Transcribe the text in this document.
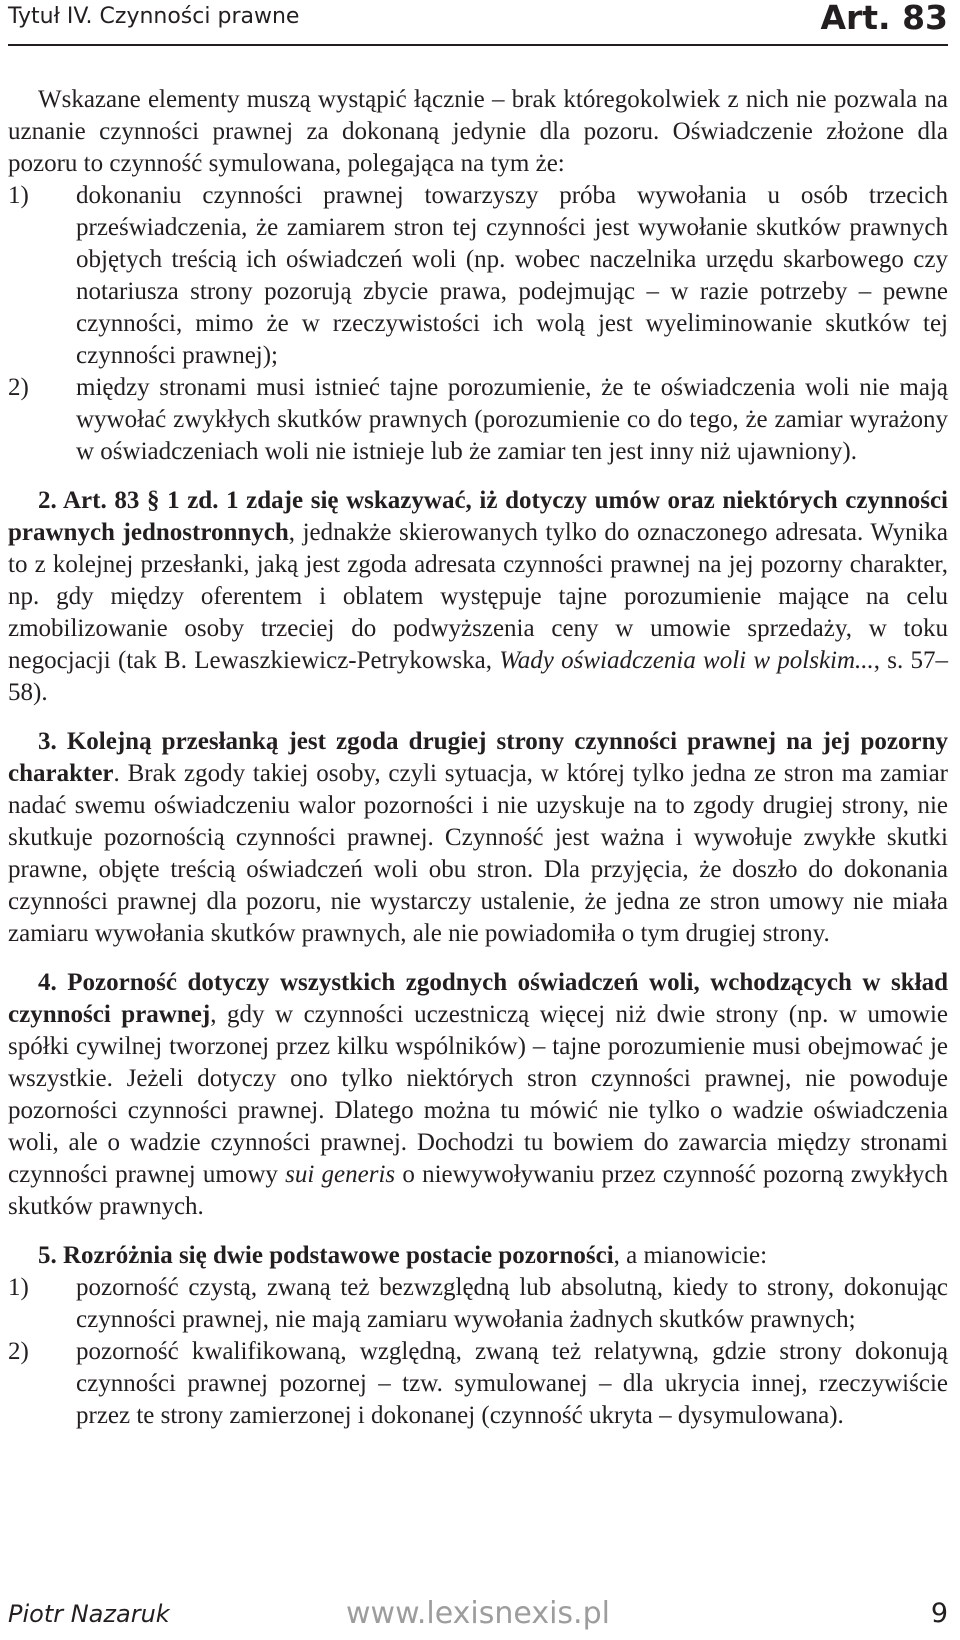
Tytuł IV. Czynności prawne	Art. 83

Wskazane elementy muszą wystąpić łącznie – brak któregokolwiek z nich nie pozwala na uznanie czynności prawnej za dokonaną jedynie dla pozoru. Oświadczenie złożone dla pozoru to czynność symulowana, polegająca na tym że:

1) dokonaniu czynności prawnej towarzyszy próba wywołania u osób trzecich przeświadczenia, że zamiarem stron tej czynności jest wywołanie skutków prawnych objętych treścią ich oświadczeń woli (np. wobec naczelnika urzędu skarbowego czy notariusza strony pozorują zbycie prawa, podejmując – w razie potrzeby – pewne czynności, mimo że w rzeczywistości ich wolą jest wyeliminowanie skutków tej czynności prawnej);
2) między stronami musi istnieć tajne porozumienie, że te oświadczenia woli nie mają wywołać zwykłych skutków prawnych (porozumienie co do tego, że zamiar wyrażony w oświadczeniach woli nie istnieje lub że zamiar ten jest inny niż ujawniony).

2. Art. 83 § 1 zd. 1 zdaje się wskazywać, iż dotyczy umów oraz niektórych czynności prawnych jednostronnych, jednakże skierowanych tylko do oznaczonego adresata. Wynika to z kolejnej przesłanki, jaką jest zgoda adresata czynności prawnej na jej pozorny charakter, np. gdy między oferentem i oblatem występuje tajne porozumienie mające na celu zmobilizowanie osoby trzeciej do podwyższenia ceny w umowie sprzedaży, w toku negocjacji (tak B. Lewaszkiewicz-Petrykowska, Wady oświadczenia woli w polskim..., s. 57–58).

3. Kolejną przesłanką jest zgoda drugiej strony czynności prawnej na jej pozorny charakter. Brak zgody takiej osoby, czyli sytuacja, w której tylko jedna ze stron ma zamiar nadać swemu oświadczeniu walor pozorności i nie uzyskuje na to zgody drugiej strony, nie skutkuje pozornością czynności prawnej. Czynność jest ważna i wywołuje zwykłe skutki prawne, objęte treścią oświadczeń woli obu stron. Dla przyjęcia, że doszło do dokonania czynności prawnej dla pozoru, nie wystarczy ustalenie, że jedna ze stron umowy nie miała zamiaru wywołania skutków prawnych, ale nie powiadomiła o tym drugiej strony.

4. Pozorność dotyczy wszystkich zgodnych oświadczeń woli, wchodzących w skład czynności prawnej, gdy w czynności uczestniczą więcej niż dwie strony (np. w umowie spółki cywilnej tworzonej przez kilku wspólników) – tajne porozumienie musi obejmować je wszystkie. Jeżeli dotyczy ono tylko niektórych stron czynności prawnej, nie powoduje pozorności czynności prawnej. Dlatego można tu mówić nie tylko o wadzie oświadczenia woli, ale o wadzie czynności prawnej. Dochodzi tu bowiem do zawarcia między stronami czynności prawnej umowy sui generis o niewywoływaniu przez czynność pozorną zwykłych skutków prawnych.

5. Rozróżnia się dwie podstawowe postacie pozorności, a mianowicie:

1) pozorność czystą, zwaną też bezwzględną lub absolutną, kiedy to strony, dokonując czynności prawnej, nie mają zamiaru wywołania żadnych skutków prawnych;
2) pozorność kwalifikowaną, względną, zwaną też relatywną, gdzie strony dokonują czynności prawnej pozornej – tzw. symulowanej – dla ukrycia innej, rzeczywiście przez te strony zamierzonej i dokonanej (czynność ukryta – dysymulowana).
Piotr Nazaruk	www.lexisnexis.pl	9
